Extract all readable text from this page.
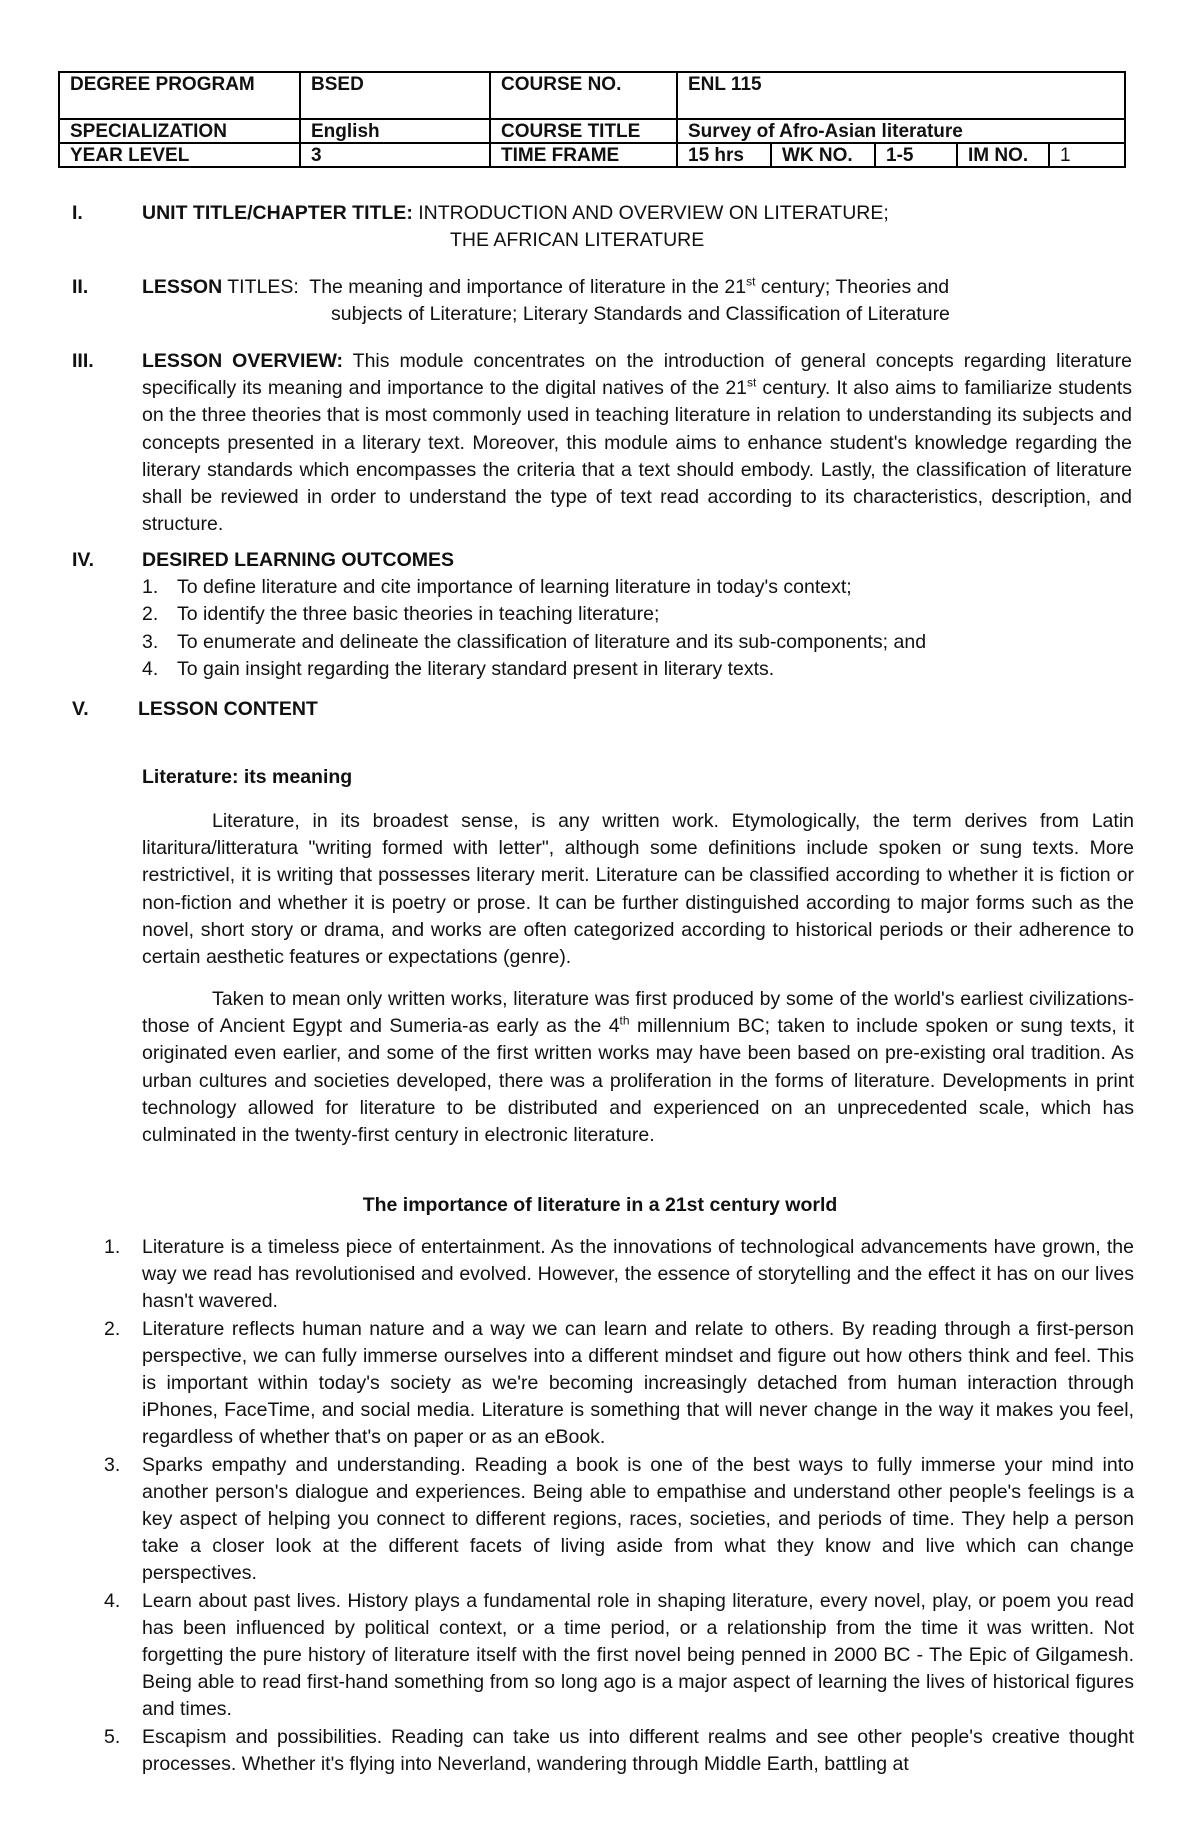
DEGREE PROGRAM	BSED	COURSE NO.	ENL 115				
SPECIALIZATION	English	COURSE TITLE	Survey of Afro-Asian literature				
YEAR LEVEL	3	TIME FRAME	15 hrs	WK NO.	1-5	IM NO.	1
I.	UNIT TITLE/CHAPTER TITLE: INTRODUCTION AND OVERVIEW ON LITERATURE;
THE AFRICAN LITERATURE
II.	LESSON TITLES: The meaning and importance of literature in the 21st century; Theories and
subjects of Literature; Literary Standards and Classification of Literature
III. LESSON OVERVIEW: This module concentrates on the introduction of general concepts regarding literature specifically its meaning and importance to the digital natives of the 21st century. It also aims to familiarize students on the three theories that is most commonly used in teaching literature in relation to understanding its subjects and concepts presented in a literary text. Moreover, this module aims to enhance student's knowledge regarding the literary standards which encompasses the criteria that a text should embody. Lastly, the classification of literature shall be reviewed in order to understand the type of text read according to its characteristics, description, and structure.
IV. DESIRED LEARNING OUTCOMES
1. To define literature and cite importance of learning literature in today's context;
2. To identify the three basic theories in teaching literature;
3. To enumerate and delineate the classification of literature and its sub-components; and
4. To gain insight regarding the literary standard present in literary texts.
V.	LESSON CONTENT
Literature: its meaning
Literature, in its broadest sense, is any written work. Etymologically, the term derives from Latin litaritura/litteratura "writing formed with letter", although some definitions include spoken or sung texts. More restrictivel, it is writing that possesses literary merit. Literature can be classified according to whether it is fiction or non-fiction and whether it is poetry or prose. It can be further distinguished according to major forms such as the novel, short story or drama, and works are often categorized according to historical periods or their adherence to certain aesthetic features or expectations (genre).
Taken to mean only written works, literature was first produced by some of the world's earliest civilizations-those of Ancient Egypt and Sumeria-as early as the 4th millennium BC; taken to include spoken or sung texts, it originated even earlier, and some of the first written works may have been based on pre-existing oral tradition. As urban cultures and societies developed, there was a proliferation in the forms of literature. Developments in print technology allowed for literature to be distributed and experienced on an unprecedented scale, which has culminated in the twenty-first century in electronic literature.
The importance of literature in a 21st century world
1. Literature is a timeless piece of entertainment. As the innovations of technological advancements have grown, the way we read has revolutionised and evolved. However, the essence of storytelling and the effect it has on our lives hasn't wavered.
2. Literature reflects human nature and a way we can learn and relate to others. By reading through a first-person perspective, we can fully immerse ourselves into a different mindset and figure out how others think and feel. This is important within today's society as we're becoming increasingly detached from human interaction through iPhones, FaceTime, and social media. Literature is something that will never change in the way it makes you feel, regardless of whether that's on paper or as an eBook.
3. Sparks empathy and understanding. Reading a book is one of the best ways to fully immerse your mind into another person's dialogue and experiences. Being able to empathise and understand other people's feelings is a key aspect of helping you connect to different regions, races, societies, and periods of time. They help a person take a closer look at the different facets of living aside from what they know and live which can change perspectives.
4. Learn about past lives. History plays a fundamental role in shaping literature, every novel, play, or poem you read has been influenced by political context, or a time period, or a relationship from the time it was written. Not forgetting the pure history of literature itself with the first novel being penned in 2000 BC - The Epic of Gilgamesh. Being able to read first-hand something from so long ago is a major aspect of learning the lives of historical figures and times.
5. Escapism and possibilities. Reading can take us into different realms and see other people's creative thought processes. Whether it's flying into Neverland, wandering through Middle Earth, battling at
